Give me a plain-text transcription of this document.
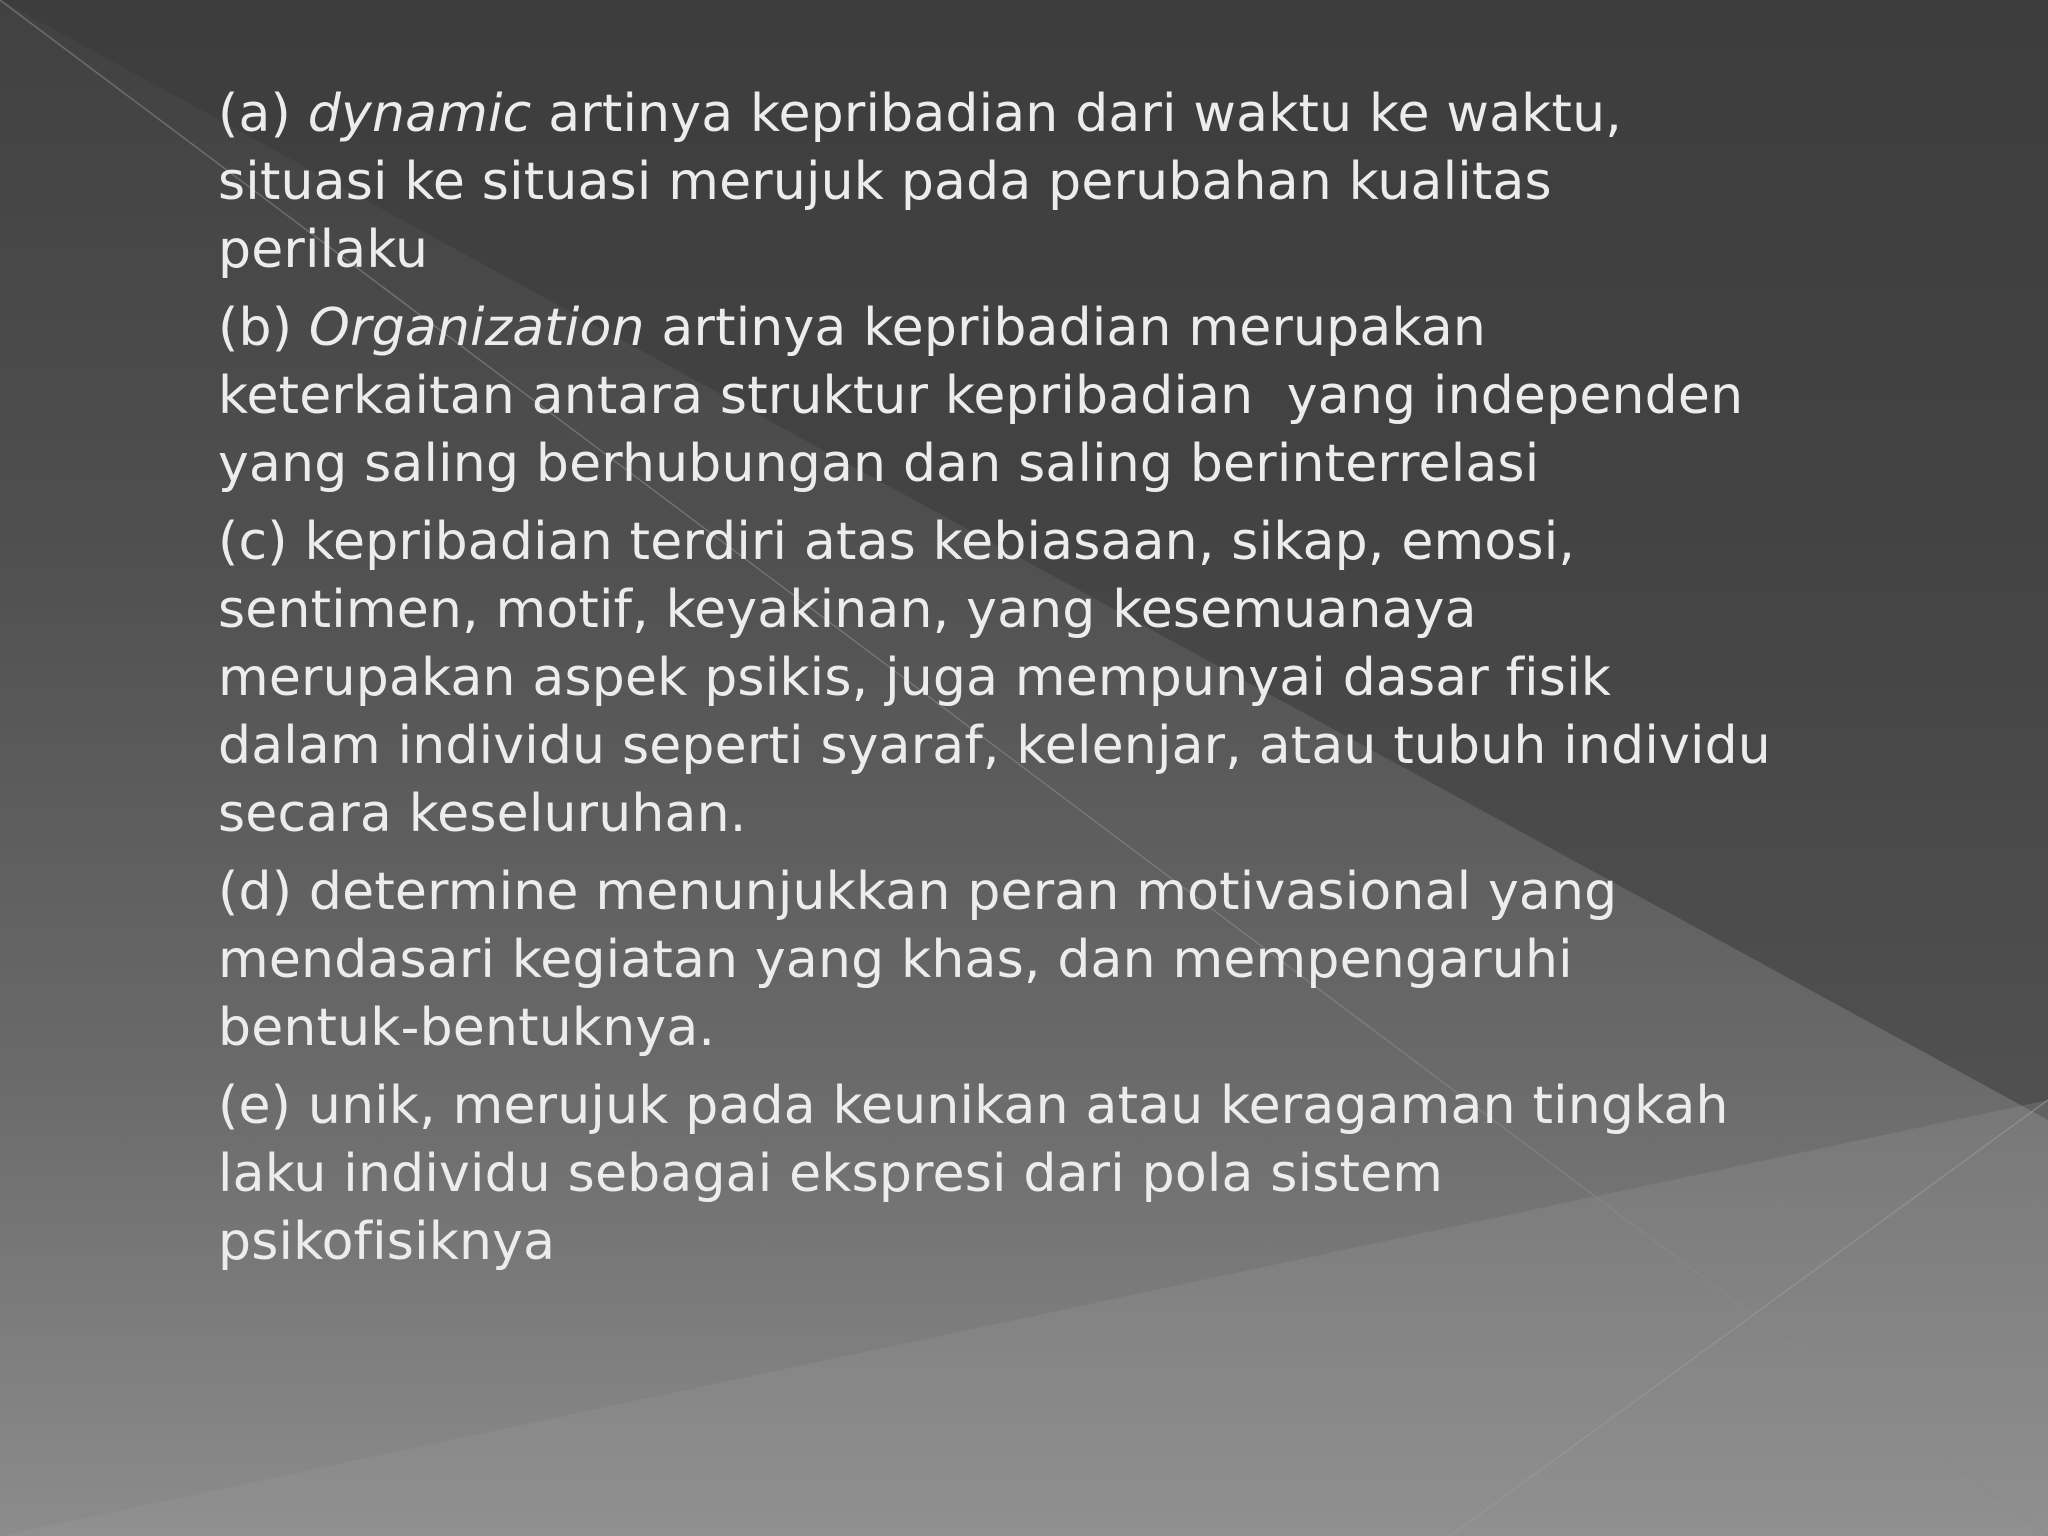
(a) dynamic artinya kepribadian dari waktu ke waktu, situasi ke situasi merujuk pada perubahan kualitas perilaku

(b) Organization artinya kepribadian merupakan keterkaitan antara struktur kepribadian  yang independen yang saling berhubungan dan saling berinterrelasi

(c) kepribadian terdiri atas kebiasaan, sikap, emosi, sentimen, motif, keyakinan, yang kesemuanaya merupakan aspek psikis, juga mempunyai dasar fisik dalam individu seperti syaraf, kelenjar, atau tubuh individu secara keseluruhan.

(d) determine menunjukkan peran motivasional yang mendasari kegiatan yang khas, dan mempengaruhi bentuk-bentuknya.

(e) unik, merujuk pada keunikan atau keragaman tingkah laku individu sebagai ekspresi dari pola sistem psikofisiknya
